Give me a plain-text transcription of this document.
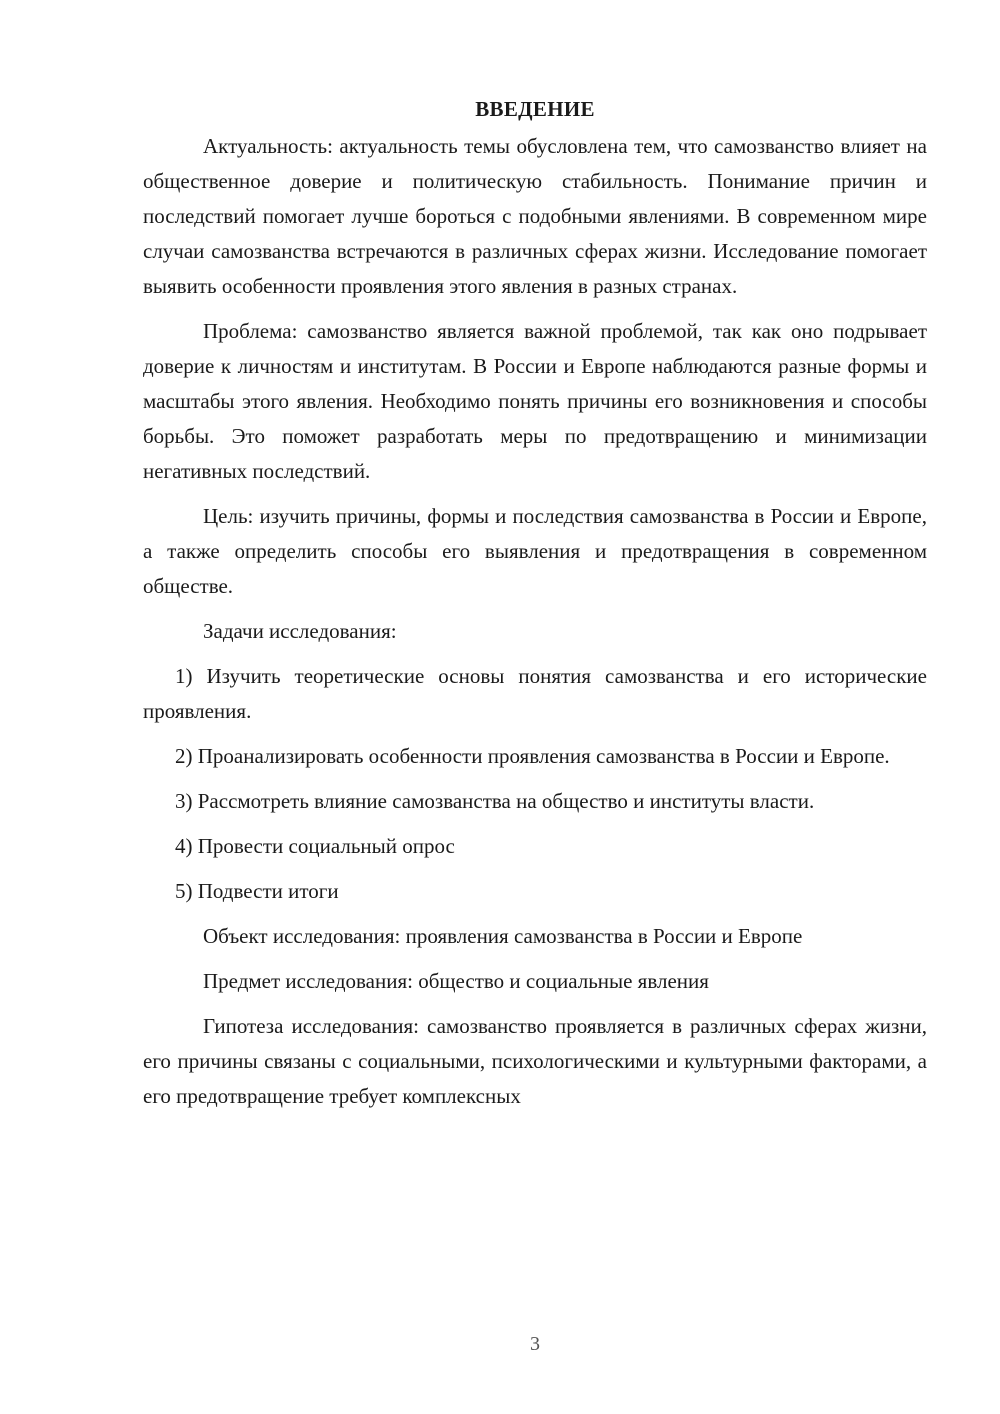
ВВЕДЕНИЕ

Актуальность: актуальность темы обусловлена тем, что самозванство влияет на общественное доверие и политическую стабильность. Понимание причин и последствий помогает лучше бороться с подобными явлениями. В современном мире случаи самозванства встречаются в различных сферах жизни. Исследование помогает выявить особенности проявления этого явления в разных странах.

Проблема: самозванство является важной проблемой, так как оно подрывает доверие к личностям и институтам. В России и Европе наблюдаются разные формы и масштабы этого явления. Необходимо понять причины его возникновения и способы борьбы. Это поможет разработать меры по предотвращению и минимизации негативных последствий.

Цель: изучить причины, формы и последствия самозванства в России и Европе, а также определить способы его выявления и предотвращения в современном обществе.

Задачи исследования:

1) Изучить теоретические основы понятия самозванства и его исторические проявления.

2) Проанализировать особенности проявления самозванства в России и Европе.

3) Рассмотреть влияние самозванства на общество и институты власти.

4) Провести социальный опрос

5) Подвести итоги

Объект исследования: проявления самозванства в России и Европе

Предмет исследования: общество и социальные явления

Гипотеза исследования: самозванство проявляется в различных сферах жизни, его причины связаны с социальными, психологическими и культурными факторами, а его предотвращение требует комплексных

3
